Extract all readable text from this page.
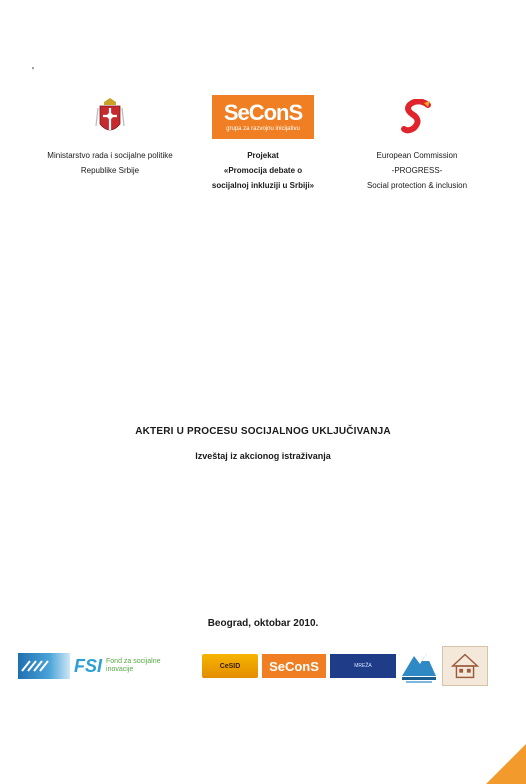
'
Ministarstvo rada i socijalne politike
Republike Srbije
SeConS
grupa za razvojnu inicijativu
Projekat
«Promocija debate o
socijalnoj inkluziji u Srbiji»
European Commission
-PROGRESS-
Social protection & inclusion
AKTERI U PROCESU SOCIJALNOG UKLJUČIVANJA
Izveštaj iz akcionog istraživanja
Beograd, oktobar 2010.
FSI Fond za socijalne
inovacije	CeSID	SeConS	MREŽA
